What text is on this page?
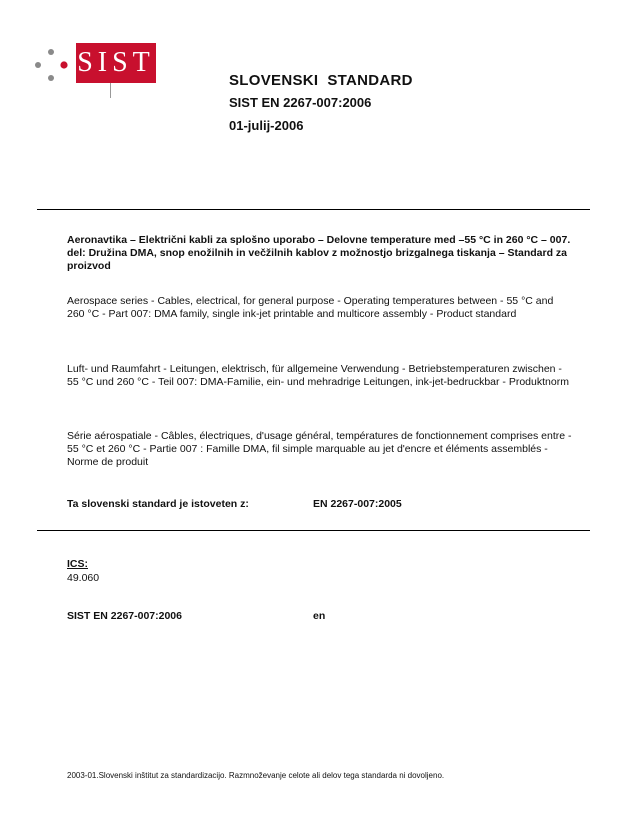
SIST
SLOVENSKI  STANDARD
SIST EN 2267-007:2006
01-julij-2006
Aeronavtika – Električni kabli za splošno uporabo – Delovne temperature med –55 °C in 260 °C – 007. del: Družina DMA, snop enožilnih in večžilnih kablov z možnostjo brizgalnega tiskanja – Standard za proizvod
Aerospace series - Cables, electrical, for general purpose - Operating temperatures between - 55 °C and 260 °C - Part 007: DMA family, single ink-jet printable and multicore assembly - Product standard
Luft- und Raumfahrt - Leitungen, elektrisch, für allgemeine Verwendung - Betriebstemperaturen zwischen - 55 °C und 260 °C - Teil 007: DMA-Familie, ein- und mehradrige Leitungen, ink-jet-bedruckbar - Produktnorm
Série aérospatiale - Câbles, électriques, d'usage général, températures de fonctionnement comprises entre - 55 °C et 260 °C - Partie 007 : Famille DMA, fil simple marquable au jet d'encre et éléments assemblés - Norme de produit
Ta slovenski standard je istoveten z:	EN 2267-007:2005
ICS:
49.060
SIST EN 2267-007:2006	en
2003-01.Slovenski inštitut za standardizacijo. Razmnoževanje celote ali delov tega standarda ni dovoljeno.
